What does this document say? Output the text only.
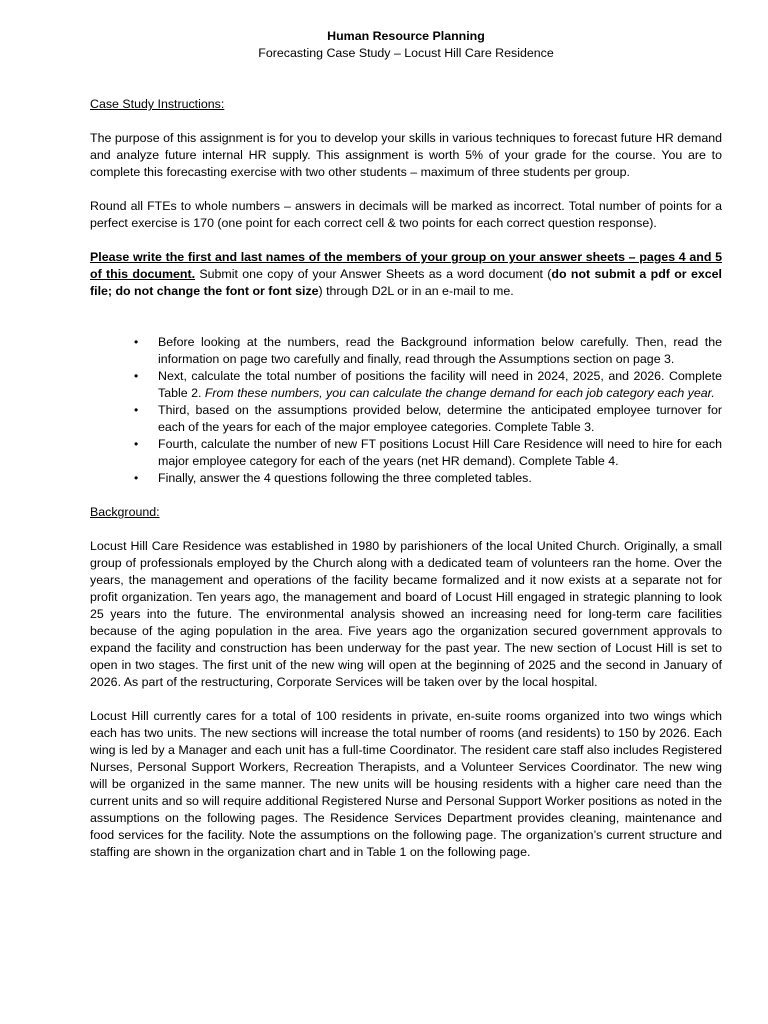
Human Resource Planning
Forecasting Case Study – Locust Hill Care Residence

Case Study Instructions:

The purpose of this assignment is for you to develop your skills in various techniques to forecast future HR demand and analyze future internal HR supply. This assignment is worth 5% of your grade for the course. You are to complete this forecasting exercise with two other students – maximum of three students per group.

Round all FTEs to whole numbers – answers in decimals will be marked as incorrect. Total number of points for a perfect exercise is 170 (one point for each correct cell & two points for each correct question response).

Please write the first and last names of the members of your group on your answer sheets – pages 4 and 5 of this document. Submit one copy of your Answer Sheets as a word document (do not submit a pdf or excel file; do not change the font or font size) through D2L or in an e-mail to me.

• Before looking at the numbers, read the Background information below carefully. Then, read the information on page two carefully and finally, read through the Assumptions section on page 3.
• Next, calculate the total number of positions the facility will need in 2024, 2025, and 2026. Complete Table 2. From these numbers, you can calculate the change demand for each job category each year.
• Third, based on the assumptions provided below, determine the anticipated employee turnover for each of the years for each of the major employee categories. Complete Table 3.
• Fourth, calculate the number of new FT positions Locust Hill Care Residence will need to hire for each major employee category for each of the years (net HR demand). Complete Table 4.
• Finally, answer the 4 questions following the three completed tables.

Background:

Locust Hill Care Residence was established in 1980 by parishioners of the local United Church. Originally, a small group of professionals employed by the Church along with a dedicated team of volunteers ran the home. Over the years, the management and operations of the facility became formalized and it now exists at a separate not for profit organization. Ten years ago, the management and board of Locust Hill engaged in strategic planning to look 25 years into the future. The environmental analysis showed an increasing need for long-term care facilities because of the aging population in the area. Five years ago the organization secured government approvals to expand the facility and construction has been underway for the past year. The new section of Locust Hill is set to open in two stages. The first unit of the new wing will open at the beginning of 2025 and the second in January of 2026. As part of the restructuring, Corporate Services will be taken over by the local hospital.

Locust Hill currently cares for a total of 100 residents in private, en-suite rooms organized into two wings which each has two units. The new sections will increase the total number of rooms (and residents) to 150 by 2026. Each wing is led by a Manager and each unit has a full-time Coordinator. The resident care staff also includes Registered Nurses, Personal Support Workers, Recreation Therapists, and a Volunteer Services Coordinator. The new wing will be organized in the same manner. The new units will be housing residents with a higher care need than the current units and so will require additional Registered Nurse and Personal Support Worker positions as noted in the assumptions on the following pages. The Residence Services Department provides cleaning, maintenance and food services for the facility. Note the assumptions on the following page. The organization’s current structure and staffing are shown in the organization chart and in Table 1 on the following page.
